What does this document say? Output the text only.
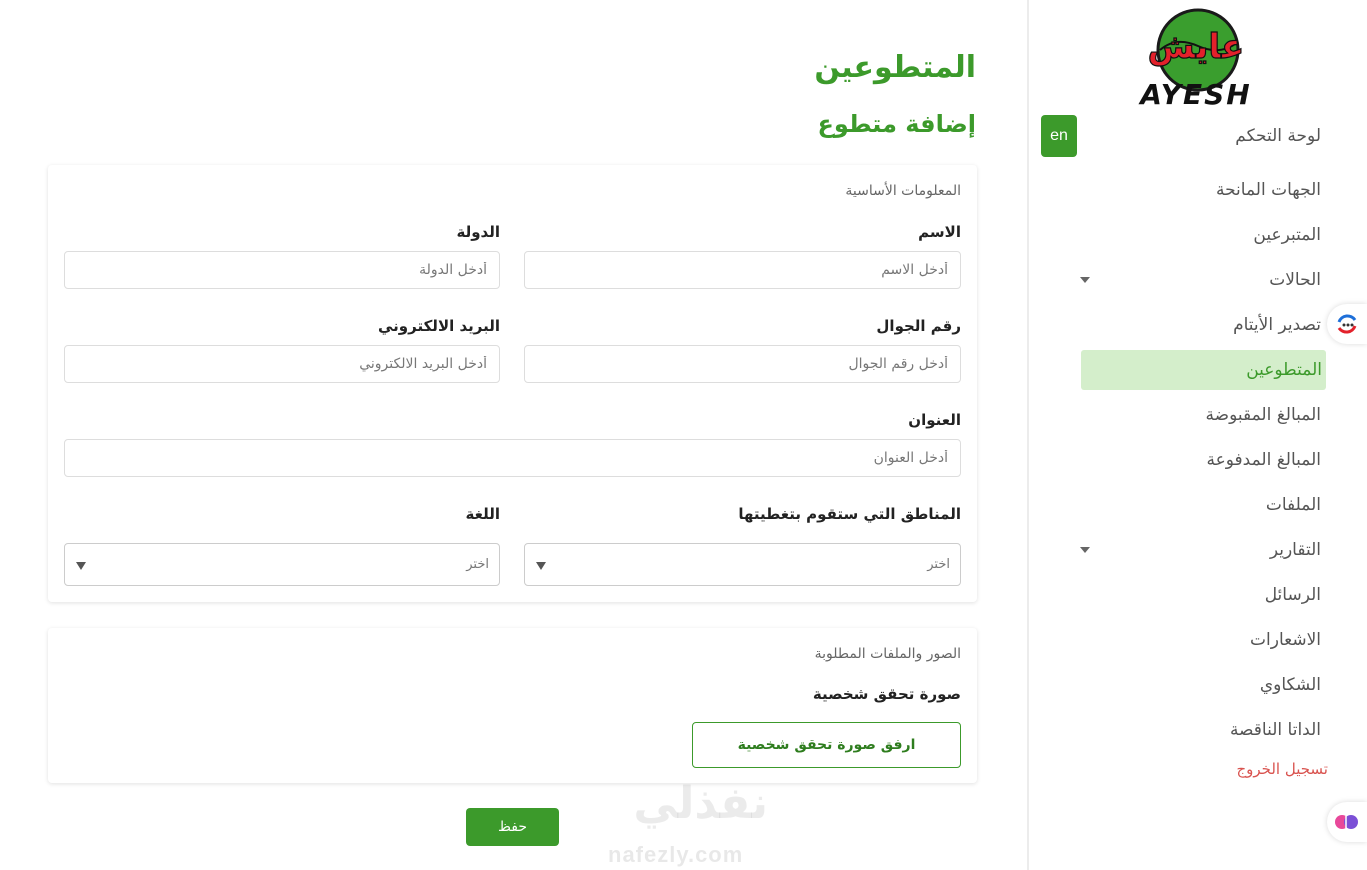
عايش
AYESH
en	لوحة التحكم
الجهات المانحة
المتبرعين
الحالات
تصدير الأيتام
المتطوعين
المبالغ المقبوضة
المبالغ المدفوعة
الملفات
التقارير
الرسائل
الاشعارات
الشكاوي
الداتا الناقصة
تسجيل الخروج
المتطوعين
إضافة متطوع
المعلومات الأساسية
الاسم
أدخل الاسم
الدولة
أدخل الدولة
رقم الجوال
أدخل رقم الجوال
البريد الالكتروني
أدخل البريد الالكتروني
العنوان
أدخل العنوان
المناطق التي ستقوم بتغطيتها
اختر
اللغة
اختر
الصور والملفات المطلوبة
صورة تحقق شخصية
ارفق صورة تحقق شخصية
حفظ	نفذلي
nafezly.com
